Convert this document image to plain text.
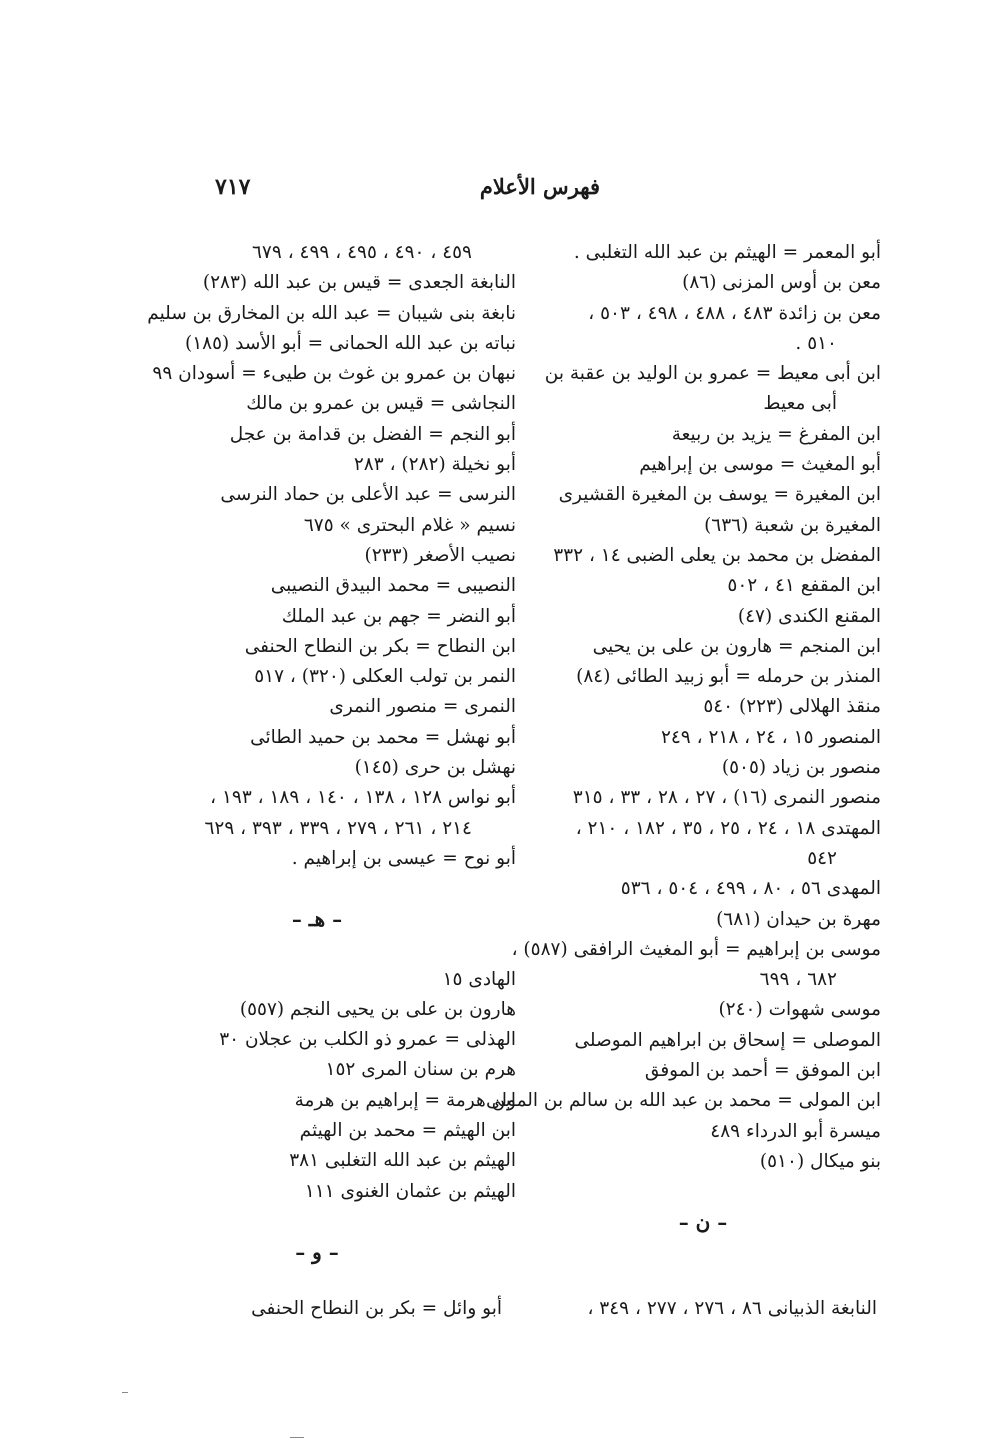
فهرس الأعلام
٧١٧
أبو المعمر = الهيثم بن عبد الله التغلبى .
معن بن أوس المزنى (٨٦)
معن بن زائدة ٤٨٣ ، ٤٨٨ ، ٤٩٨ ، ٥٠٣ ،
٥١٠ .
ابن أبى معيط = عمرو بن الوليد بن عقبة بن
أبى معيط
ابن المفرغ = يزيد بن ربيعة
أبو المغيث = موسى بن إبراهيم
ابن المغيرة = يوسف بن المغيرة القشيرى
المغيرة بن شعبة (٦٣٦)
المفضل بن محمد بن يعلى الضبى ١٤ ، ٣٣٢
ابن المقفع ٤١ ، ٥٠٢
المقنع الكندى (٤٧)
ابن المنجم = هارون بن على بن يحيى
المنذر بن حرمله = أبو زبيد الطائى (٨٤)
منقذ الهلالى (٢٢٣) ٥٤٠
المنصور ١٥ ، ٢٤ ، ٢١٨ ، ٢٤٩
منصور بن زياد (٥٠٥)
منصور النمرى (١٦) ، ٢٧ ، ٢٨ ، ٣٣ ، ٣١٥
المهتدى ١٨ ، ٢٤ ، ٢٥ ، ٣٥ ، ١٨٢ ، ٢١٠ ،
٥٤٢
المهدى ٥٦ ، ٨٠ ، ٤٩٩ ، ٥٠٤ ، ٥٣٦
مهرة بن حيدان (٦٨١)
موسى بن إبراهيم = أبو المغيث الرافقى (٥٨٧) ،
٦٨٢ ، ٦٩٩
موسى شهوات (٢٤٠)
الموصلى = إسحاق بن ابراهيم الموصلى
ابن الموفق = أحمد بن الموفق
ابن المولى = محمد بن عبد الله بن سالم بن المولى
ميسرة أبو الدرداء ٤٨٩
بنو ميكال (٥١٠)
– ن –
٤٥٩ ، ٤٩٠ ، ٤٩٥ ، ٤٩٩ ، ٦٧٩
النابغة الجعدى = قيس بن عبد الله (٢٨٣)
نابغة بنى شيبان = عبد الله بن المخارق بن سليم
نباته بن عبد الله الحمانى = أبو الأسد (١٨٥)
نبهان بن عمرو بن غوث بن طيىء = أسودان ٩٩
النجاشى = قيس بن عمرو بن مالك
أبو النجم = الفضل بن قدامة بن عجل
أبو نخيلة (٢٨٢) ، ٢٨٣
النرسى = عبد الأعلى بن حماد النرسى
نسيم « غلام البحترى » ٦٧٥
نصيب الأصغر (٢٣٣)
النصيبى = محمد البيدق النصيبى
أبو النضر = جهم بن عبد الملك
ابن النطاح = بكر بن النطاح الحنفى
النمر بن تولب العكلى (٣٢٠) ، ٥١٧
النمرى = منصور النمرى
أبو نهشل = محمد بن حميد الطائى
نهشل بن حرى (١٤٥)
أبو نواس ١٢٨ ، ١٣٨ ، ١٤٠ ، ١٨٩ ، ١٩٣ ،
٢١٤ ، ٢٦١ ، ٢٧٩ ، ٣٣٩ ، ٣٩٣ ، ٦٢٩
أبو نوح = عيسى بن إبراهيم .
– هـ –
الهادى ١٥
هارون بن على بن يحيى النجم (٥٥٧)
الهذلى = عمرو ذو الكلب بن عجلان ٣٠
هرم بن سنان المرى ١٥٢
ابن هرمة = إبراهيم بن هرمة
ابن الهيثم = محمد بن الهيثم
الهيثم بن عبد الله التغلبى ٣٨١
الهيثم بن عثمان الغنوى ١١١
– و –
النابغة الذبيانى ٨٦ ، ٢٧٦ ، ٢٧٧ ، ٣٤٩ ،
أبو وائل = بكر بن النطاح الحنفى
